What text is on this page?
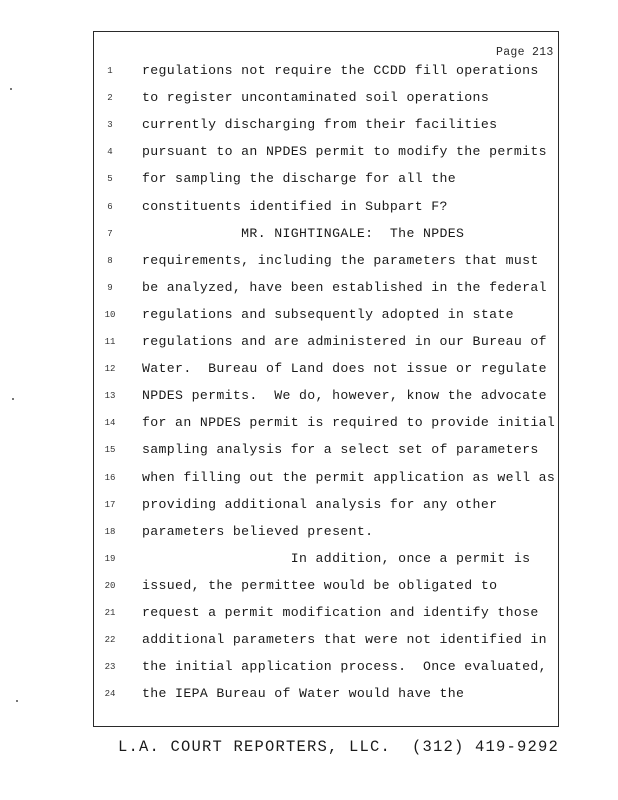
Page 213
1	regulations not require the CCDD fill operations
2	to register uncontaminated soil operations
3	currently discharging from their facilities
4	pursuant to an NPDES permit to modify the permits
5	for sampling the discharge for all the
6	constituents identified in Subpart F?
7	MR. NIGHTINGALE:  The NPDES
8	requirements, including the parameters that must
9	be analyzed, have been established in the federal
10	regulations and subsequently adopted in state
11	regulations and are administered in our Bureau of
12	Water.  Bureau of Land does not issue or regulate
13	NPDES permits.  We do, however, know the advocate
14	for an NPDES permit is required to provide initial
15	sampling analysis for a select set of parameters
16	when filling out the permit application as well as
17	providing additional analysis for any other
18	parameters believed present.
19	In addition, once a permit is
20	issued, the permittee would be obligated to
21	request a permit modification and identify those
22	additional parameters that were not identified in
23	the initial application process.  Once evaluated,
24	the IEPA Bureau of Water would have the
L.A. COURT REPORTERS, LLC.  (312) 419-9292
